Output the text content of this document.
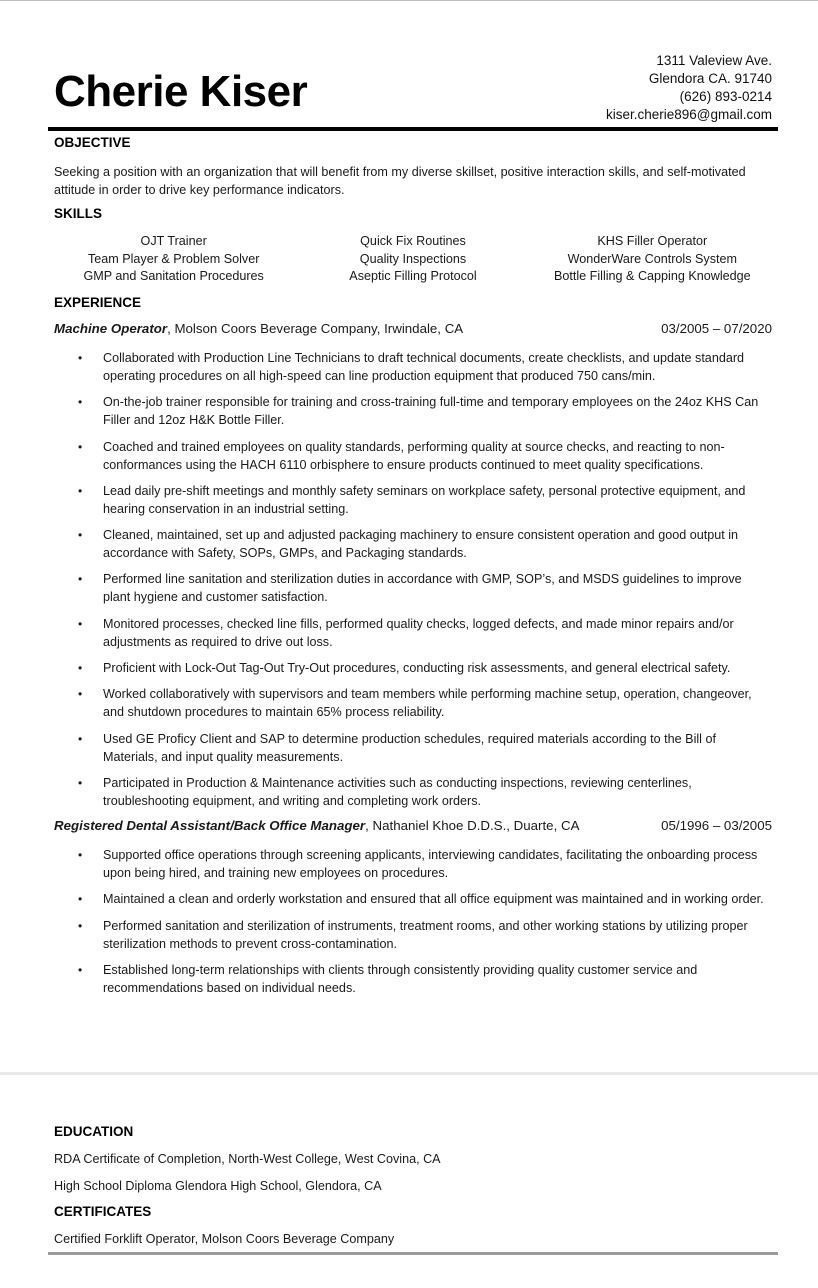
Cherie Kiser
1311 Valeview Ave.
Glendora CA. 91740
(626) 893-0214
kiser.cherie896@gmail.com
OBJECTIVE

Seeking a position with an organization that will benefit from my diverse skillset, positive interaction skills, and self-motivated attitude in order to drive key performance indicators.

SKILLS
OJT Trainer
Team Player & Problem Solver
GMP and Sanitation Procedures
Quick Fix Routines
Quality Inspections
Aseptic Filling Protocol
KHS Filler Operator
WonderWare Controls System
Bottle Filling & Capping Knowledge
EXPERIENCE
Machine Operator, Molson Coors Beverage Company, Irwindale, CA	03/2005 – 07/2020
• Collaborated with Production Line Technicians to draft technical documents, create checklists, and update standard operating procedures on all high-speed can line production equipment that produced 750 cans/min.
• On-the-job trainer responsible for training and cross-training full-time and temporary employees on the 24oz KHS Can Filler and 12oz H&K Bottle Filler.
• Coached and trained employees on quality standards, performing quality at source checks, and reacting to non-conformances using the HACH 6110 orbisphere to ensure products continued to meet quality specifications.
• Lead daily pre-shift meetings and monthly safety seminars on workplace safety, personal protective equipment, and hearing conservation in an industrial setting.
• Cleaned, maintained, set up and adjusted packaging machinery to ensure consistent operation and good output in accordance with Safety, SOPs, GMPs, and Packaging standards.
• Performed line sanitation and sterilization duties in accordance with GMP, SOP’s, and MSDS guidelines to improve plant hygiene and customer satisfaction.
• Monitored processes, checked line fills, performed quality checks, logged defects, and made minor repairs and/or adjustments as required to drive out loss.
• Proficient with Lock-Out Tag-Out Try-Out procedures, conducting risk assessments, and general electrical safety.
• Worked collaboratively with supervisors and team members while performing machine setup, operation, changeover, and shutdown procedures to maintain 65% process reliability.
• Used GE Proficy Client and SAP to determine production schedules, required materials according to the Bill of Materials, and input quality measurements.
• Participated in Production & Maintenance activities such as conducting inspections, reviewing centerlines, troubleshooting equipment, and writing and completing work orders.
Registered Dental Assistant/Back Office Manager, Nathaniel Khoe D.D.S., Duarte, CA	05/1996 – 03/2005
• Supported office operations through screening applicants, interviewing candidates, facilitating the onboarding process upon being hired, and training new employees on procedures.
• Maintained a clean and orderly workstation and ensured that all office equipment was maintained and in working order.
• Performed sanitation and sterilization of instruments, treatment rooms, and other working stations by utilizing proper sterilization methods to prevent cross-contamination.
• Established long-term relationships with clients through consistently providing quality customer service and recommendations based on individual needs.
EDUCATION
RDA Certificate of Completion, North-West College, West Covina, CA
High School Diploma Glendora High School, Glendora, CA
CERTIFICATES
Certified Forklift Operator, Molson Coors Beverage Company
